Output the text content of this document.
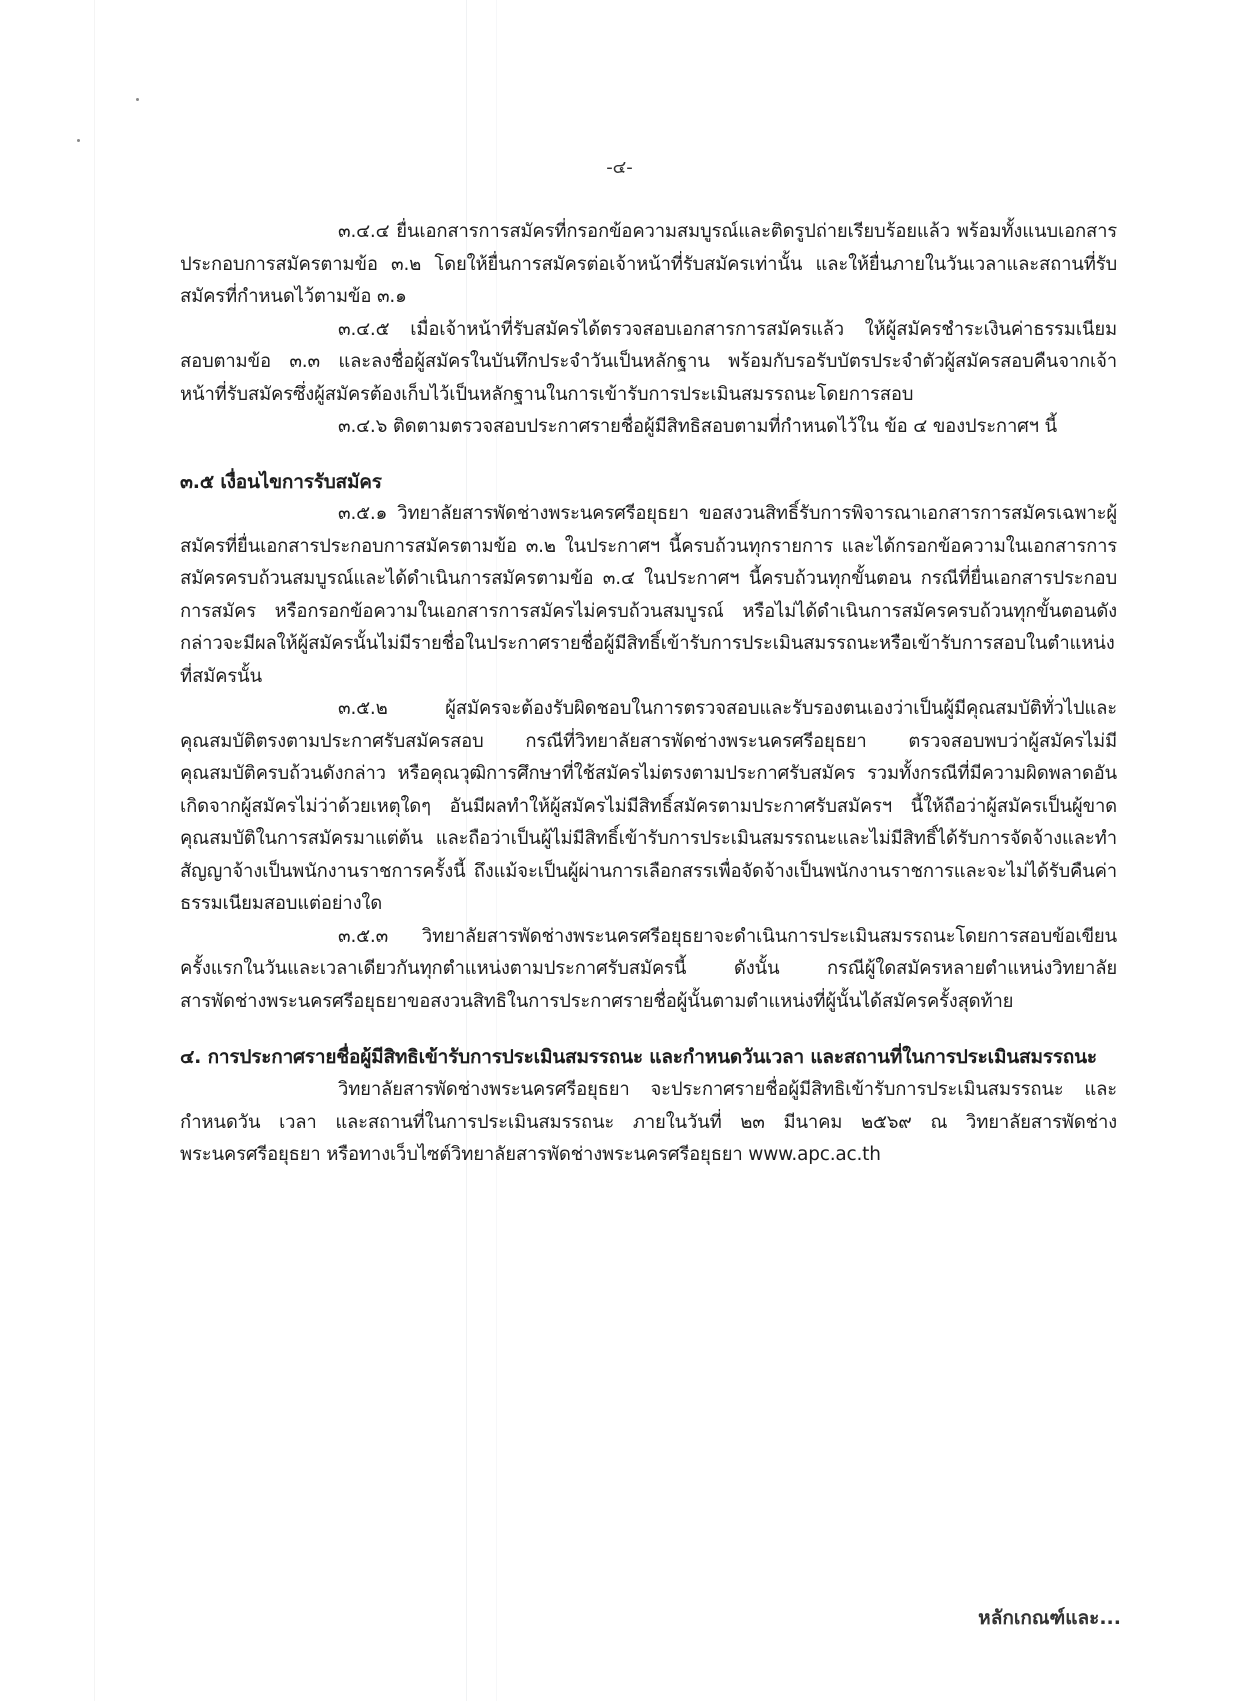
-๔-

๓.๔.๔ ยื่นเอกสารการสมัครที่กรอกข้อความสมบูรณ์และติดรูปถ่ายเรียบร้อยแล้ว พร้อมทั้งแนบเอกสารประกอบการสมัครตามข้อ ๓.๒ โดยให้ยื่นการสมัครต่อเจ้าหน้าที่รับสมัครเท่านั้น และให้ยื่นภายในวันเวลาและสถานที่รับสมัครที่กำหนดไว้ตามข้อ ๓.๑

๓.๔.๕ เมื่อเจ้าหน้าที่รับสมัครได้ตรวจสอบเอกสารการสมัครแล้ว ให้ผู้สมัครชำระเงินค่าธรรมเนียมสอบตามข้อ ๓.๓ และลงชื่อผู้สมัครในบันทึกประจำวันเป็นหลักฐาน พร้อมกับรอรับบัตรประจำตัวผู้สมัครสอบคืนจากเจ้าหน้าที่รับสมัครซึ่งผู้สมัครต้องเก็บไว้เป็นหลักฐานในการเข้ารับการประเมินสมรรถนะโดยการสอบ

๓.๔.๖ ติดตามตรวจสอบประกาศรายชื่อผู้มีสิทธิสอบตามที่กำหนดไว้ใน ข้อ ๔ ของประกาศฯ นี้

๓.๕ เงื่อนไขการรับสมัคร

๓.๕.๑ วิทยาลัยสารพัดช่างพระนครศรีอยุธยา ขอสงวนสิทธิ์รับการพิจารณาเอกสารการสมัครเฉพาะผู้สมัครที่ยื่นเอกสารประกอบการสมัครตามข้อ ๓.๒ ในประกาศฯ นี้ครบถ้วนทุกรายการ และได้กรอกข้อความในเอกสารการสมัครครบถ้วนสมบูรณ์และได้ดำเนินการสมัครตามข้อ ๓.๔ ในประกาศฯ นี้ครบถ้วนทุกขั้นตอน กรณีที่ยื่นเอกสารประกอบการสมัคร หรือกรอกข้อความในเอกสารการสมัครไม่ครบถ้วนสมบูรณ์ หรือไม่ได้ดำเนินการสมัครครบถ้วนทุกขั้นตอนดังกล่าวจะมีผลให้ผู้สมัครนั้นไม่มีรายชื่อในประกาศรายชื่อผู้มีสิทธิ์เข้ารับการประเมินสมรรถนะหรือเข้ารับการสอบในตำแหน่งที่สมัครนั้น

๓.๕.๒ ผู้สมัครจะต้องรับผิดชอบในการตรวจสอบและรับรองตนเองว่าเป็นผู้มีคุณสมบัติทั่วไปและคุณสมบัติตรงตามประกาศรับสมัครสอบ กรณีที่วิทยาลัยสารพัดช่างพระนครศรีอยุธยา ตรวจสอบพบว่าผู้สมัครไม่มีคุณสมบัติครบถ้วนดังกล่าว หรือคุณวุฒิการศึกษาที่ใช้สมัครไม่ตรงตามประกาศรับสมัคร รวมทั้งกรณีที่มีความผิดพลาดอันเกิดจากผู้สมัครไม่ว่าด้วยเหตุใดๆ อันมีผลทำให้ผู้สมัครไม่มีสิทธิ์สมัครตามประกาศรับสมัครฯ นี้ให้ถือว่าผู้สมัครเป็นผู้ขาดคุณสมบัติในการสมัครมาแต่ต้น และถือว่าเป็นผู้ไม่มีสิทธิ์เข้ารับการประเมินสมรรถนะและไม่มีสิทธิ์ได้รับการจัดจ้างและทำสัญญาจ้างเป็นพนักงานราชการครั้งนี้ ถึงแม้จะเป็นผู้ผ่านการเลือกสรรเพื่อจัดจ้างเป็นพนักงานราชการและจะไม่ได้รับคืนค่าธรรมเนียมสอบแต่อย่างใด

๓.๕.๓ วิทยาลัยสารพัดช่างพระนครศรีอยุธยาจะดำเนินการประเมินสมรรถนะโดยการสอบข้อเขียนครั้งแรกในวันและเวลาเดียวกันทุกตำแหน่งตามประกาศรับสมัครนี้ ดังนั้น กรณีผู้ใดสมัครหลายตำแหน่งวิทยาลัยสารพัดช่างพระนครศรีอยุธยาขอสงวนสิทธิในการประกาศรายชื่อผู้นั้นตามตำแหน่งที่ผู้นั้นได้สมัครครั้งสุดท้าย

๔. การประกาศรายชื่อผู้มีสิทธิเข้ารับการประเมินสมรรถนะ และกำหนดวันเวลา และสถานที่ในการประเมินสมรรถนะ

วิทยาลัยสารพัดช่างพระนครศรีอยุธยา จะประกาศรายชื่อผู้มีสิทธิเข้ารับการประเมินสมรรถนะ และกำหนดวัน เวลา และสถานที่ในการประเมินสมรรถนะ ภายในวันที่ ๒๓ มีนาคม ๒๕๖๙ ณ วิทยาลัยสารพัดช่างพระนครศรีอยุธยา หรือทางเว็บไซต์วิทยาลัยสารพัดช่างพระนครศรีอยุธยา www.apc.ac.th

หลักเกณฑ์และ...
